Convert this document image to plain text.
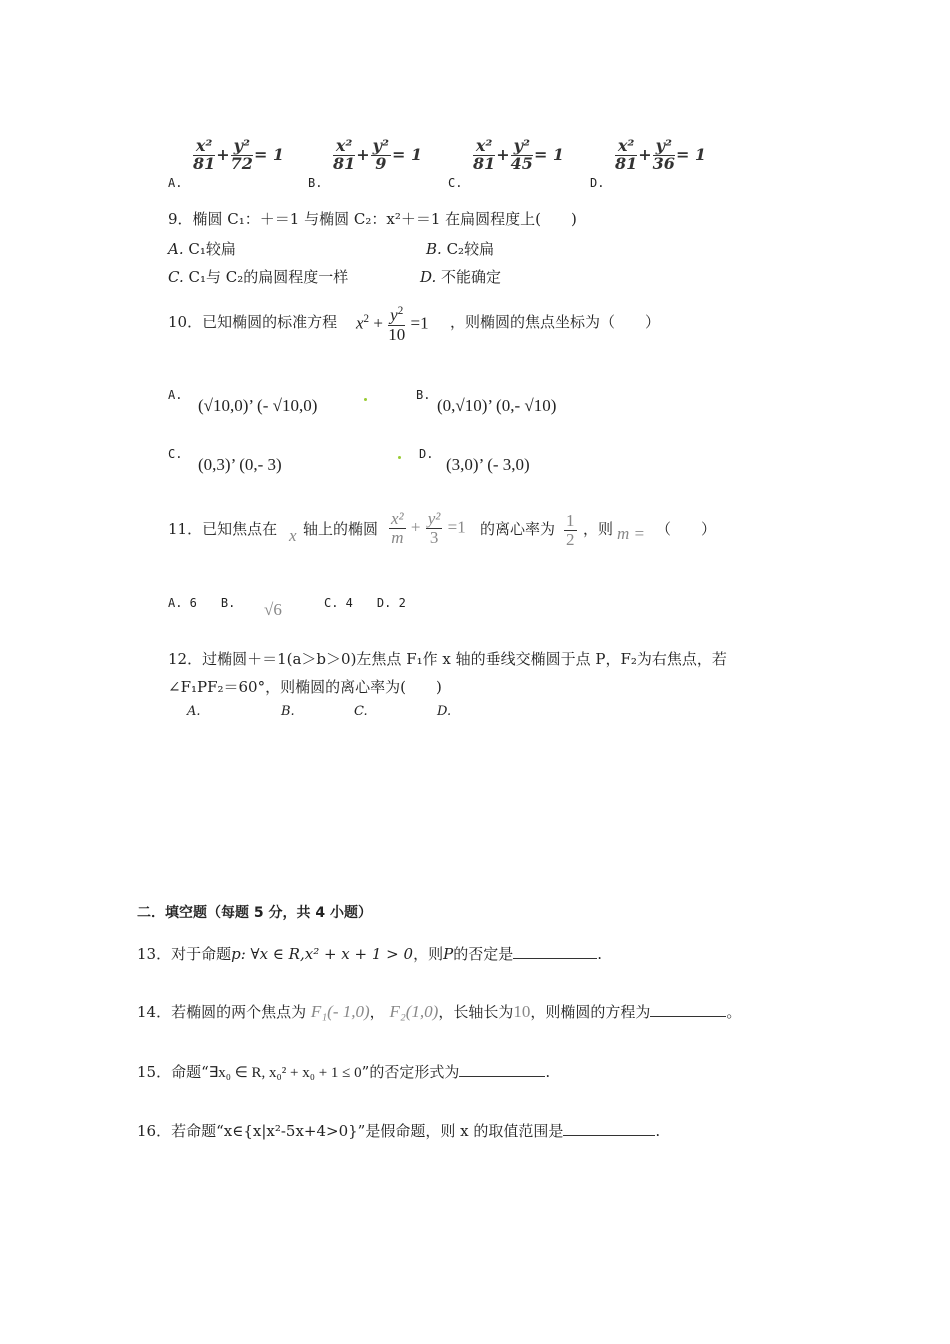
A.
$\frac{\text{x²}}{81} + \frac{\text{y²}}{72} = 1$
B.
$\frac{\text{x²}}{81} + \frac{\text{y²}}{9} = 1$
C.
$\frac{\text{x²}}{81} + \frac{\text{y²}}{45} = 1$
D.
$\frac{\text{x²}}{81} + \frac{\text{y²}}{36} = 1$
9．椭圆 C₁：＋＝1 与椭圆 C₂：x²＋＝1 在扁圆程度上(　　)
A. C₁较扁	B. C₂较扁
C. C₁与 C₂的扁圆程度一样	D. 不能确定
10．已知椭圆的标准方程 $x^2 + \frac{y^2}{10} =1$ ，则椭圆的焦点坐标为（　　）
A.
(√10,0)’ (- √10,0)
B.
(0,√10)’ (0,- √10)
C.
(0,3)’ (0,- 3)
D.
(3,0)’ (- 3,0)
11．已知焦点在 x 轴上的椭圆 $\frac{\text{x²}}{m} + \frac{\text{y²}}{3} =1$ 的离心率为 $\frac{1}{2}$ ，则 m = （　　）
A. 6　　B. √6	C. 4　　D. 2
12．过椭圆＋＝1(a＞b＞0)左焦点 F₁作 x 轴的垂线交椭圆于点 P，F₂为右焦点，若
∠F₁PF₂＝60°，则椭圆的离心率为(　　)
A.	B.	C.	D.
二．填空题（每题 5 分，共 4 小题）
13．对于命题p: ∀x ∈ R,x² + x + 1 > 0，则P的否定是	.
14．若椭圆的两个焦点为 F₁(- 1,0)， F₂(1,0)，长轴长为10，则椭圆的方程为	。
15．命题“∃x₀ ∈ R, x₀² + x₀ + 1 ≤ 0”的否定形式为	.
16．若命题“x∈{x|x²-5x+4>0}”是假命题，则 x 的取值范围是	.
